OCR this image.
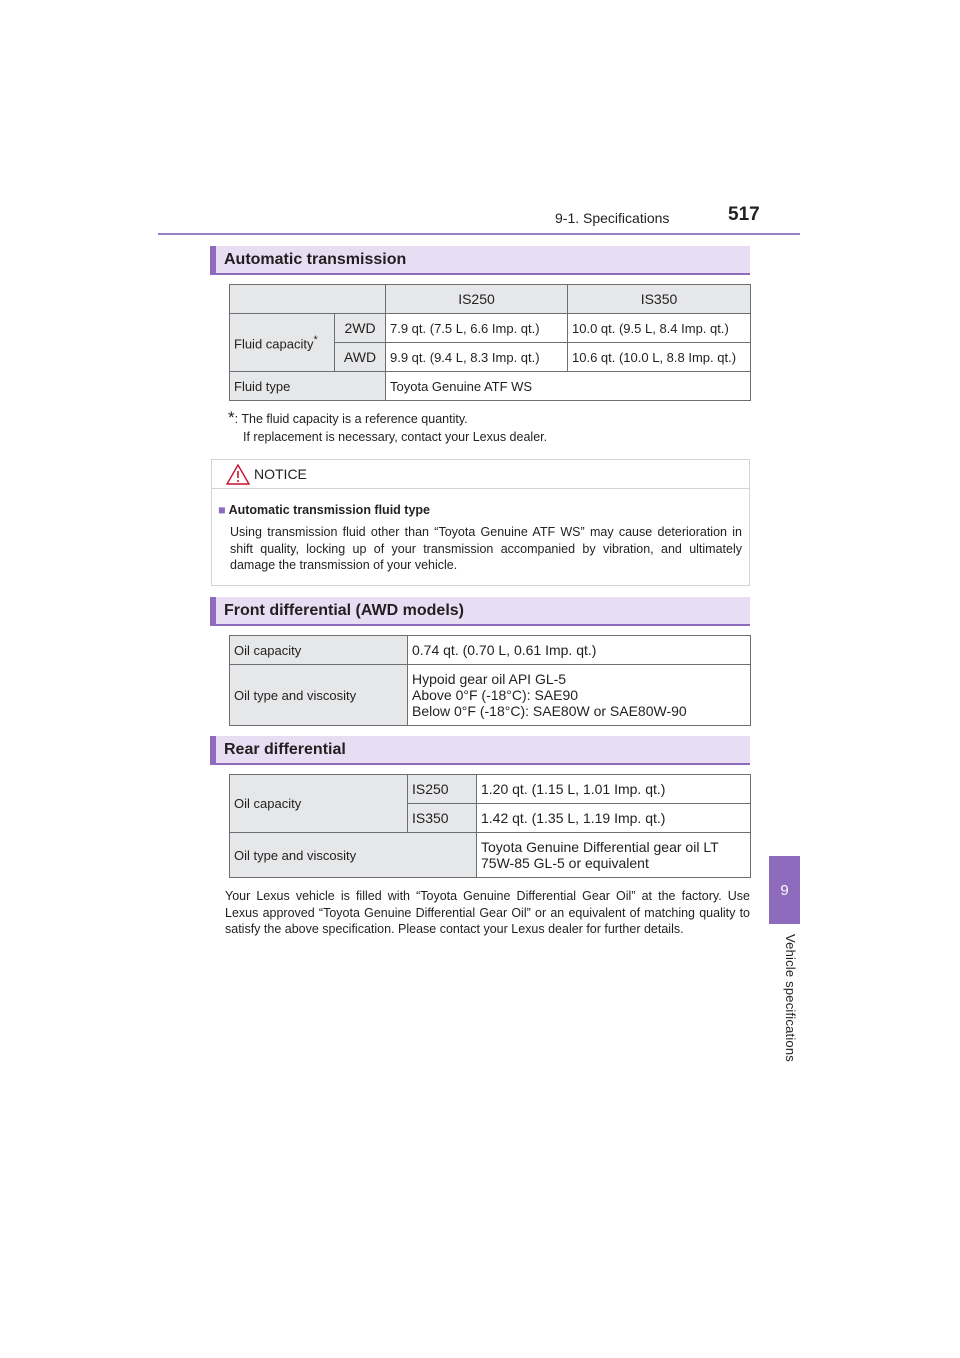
9-1. Specifications	517
9
Vehicle specifications
Automatic transmission
		IS250	IS350
Fluid capacity*	2WD	7.9 qt. (7.5 L, 6.6 Imp. qt.)	10.0 qt. (9.5 L, 8.4 Imp. qt.)
	AWD	9.9 qt. (9.4 L, 8.3 Imp. qt.)	10.6 qt. (10.0 L, 8.8 Imp. qt.)
Fluid type		Toyota Genuine ATF WS	
*: The fluid capacity is a reference quantity.
If replacement is necessary, contact your Lexus dealer.
NOTICE
■ Automatic transmission fluid type
Using transmission fluid other than “Toyota Genuine ATF WS” may cause deterioration in shift quality, locking up of your transmission accompanied by vibration, and ultimately damage the transmission of your vehicle.
Front differential (AWD models)
Oil capacity	0.74 qt. (0.70 L, 0.61 Imp. qt.)
Oil type and viscosity	Hypoid gear oil API GL-5
Above 0°F (-18°C): SAE90
Below 0°F (-18°C): SAE80W or SAE80W-90
Rear differential
Oil capacity	IS250	1.20 qt. (1.15 L, 1.01 Imp. qt.)
	IS350	1.42 qt. (1.35 L, 1.19 Imp. qt.)
Oil type and viscosity		Toyota Genuine Differential gear oil LT
75W-85 GL-5 or equivalent
Your Lexus vehicle is filled with “Toyota Genuine Differential Gear Oil” at the factory. Use Lexus approved “Toyota Genuine Differential Gear Oil” or an equivalent of matching quality to satisfy the above specification. Please contact your Lexus dealer for further details.
